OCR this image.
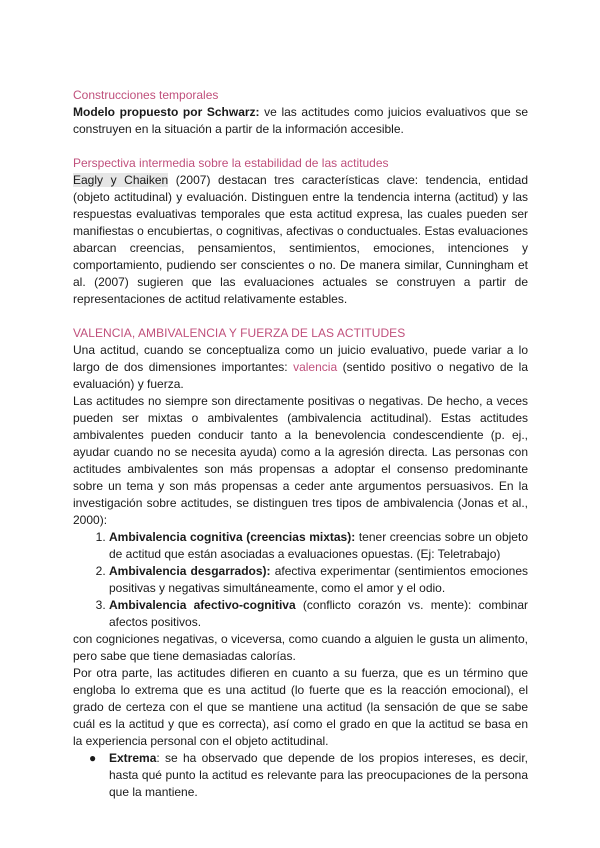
Construcciones temporales

Modelo propuesto por Schwarz: ve las actitudes como juicios evaluativos que se construyen en la situación a partir de la información accesible.

Perspectiva intermedia sobre la estabilidad de las actitudes

Eagly y Chaiken (2007) destacan tres características clave: tendencia, entidad (objeto actitudinal) y evaluación. Distinguen entre la tendencia interna (actitud) y las respuestas evaluativas temporales que esta actitud expresa, las cuales pueden ser manifiestas o encubiertas, o cognitivas, afectivas o conductuales. Estas evaluaciones abarcan creencias, pensamientos, sentimientos, emociones, intenciones y comportamiento, pudiendo ser conscientes o no. De manera similar, Cunningham et al. (2007) sugieren que las evaluaciones actuales se construyen a partir de representaciones de actitud relativamente estables.

VALENCIA, AMBIVALENCIA Y FUERZA DE LAS ACTITUDES

Una actitud, cuando se conceptualiza como un juicio evaluativo, puede variar a lo largo de dos dimensiones importantes: valencia (sentido positivo o negativo de la evaluación) y fuerza.

Las actitudes no siempre son directamente positivas o negativas. De hecho, a veces pueden ser mixtas o ambivalentes (ambivalencia actitudinal). Estas actitudes ambivalentes pueden conducir tanto a la benevolencia condescendiente (p. ej., ayudar cuando no se necesita ayuda) como a la agresión directa. Las personas con actitudes ambivalentes son más propensas a adoptar el consenso predominante sobre un tema y son más propensas a ceder ante argumentos persuasivos. En la investigación sobre actitudes, se distinguen tres tipos de ambivalencia (Jonas et al., 2000):

1. Ambivalencia cognitiva (creencias mixtas): tener creencias sobre un objeto de actitud que están asociadas a evaluaciones opuestas. (Ej: Teletrabajo)
2. Ambivalencia desgarrados): afectiva experimentar (sentimientos emociones positivas y negativas simultáneamente, como el amor y el odio.
3. Ambivalencia afectivo-cognitiva (conflicto corazón vs. mente): combinar afectos positivos.

con cogniciones negativas, o viceversa, como cuando a alguien le gusta un alimento, pero sabe que tiene demasiadas calorías.

Por otra parte, las actitudes difieren en cuanto a su fuerza, que es un término que engloba lo extrema que es una actitud (lo fuerte que es la reacción emocional), el grado de certeza con el que se mantiene una actitud (la sensación de que se sabe cuál es la actitud y que es correcta), así como el grado en que la actitud se basa en la experiencia personal con el objeto actitudinal.

● Extrema: se ha observado que depende de los propios intereses, es decir, hasta qué punto la actitud es relevante para las preocupaciones de la persona que la mantiene.
